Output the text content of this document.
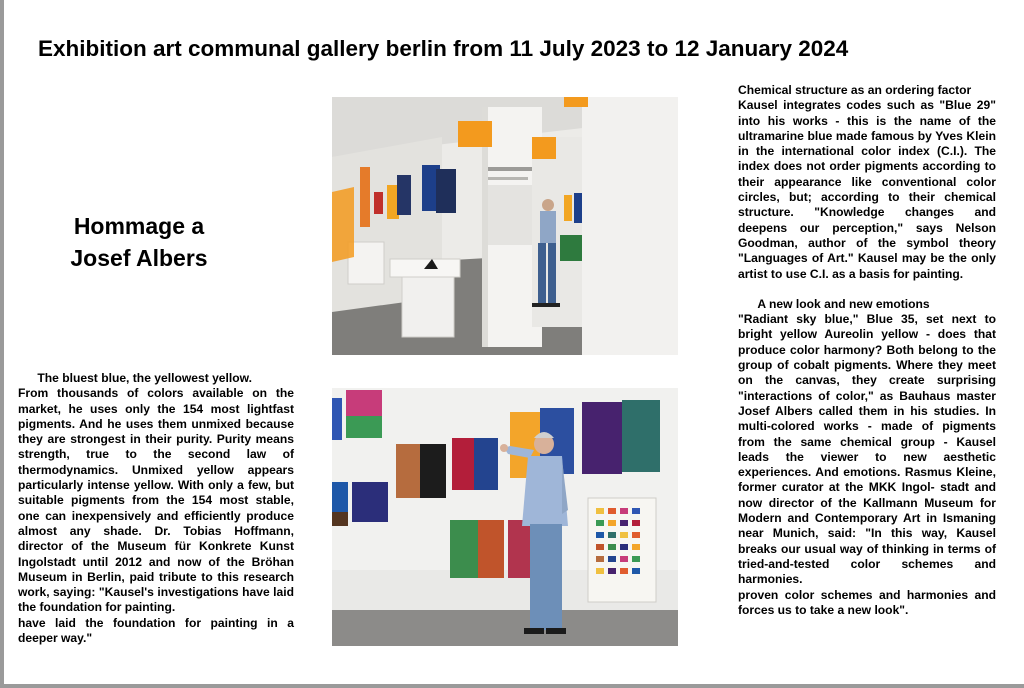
Exhibition art communal gallery berlin from 11 July 2023 to 12 January 2024
Hommage a
Josef Albers

The bluest blue, the yellowest yellow.

From thousands of colors available on the market, he uses only the 154 most lightfast pigments. And he uses them unmixed because they are strongest in their purity. Purity means strength, true to the second law of thermodynamics. Unmixed yellow appears particularly intense yellow. With only a few, but suitable pigments from the 154 most stable, one can inexpensively and efficiently produce almost any shade. Dr. Tobias Hoffmann, director of the Museum für Konkrete Kunst Ingolstadt until 2012 and now of the Bröhan Museum in Berlin, paid tribute to this research work, saying: "Kausel's investigations have laid the foundation for painting.

have laid the foundation for painting in a deeper way."

Chemical structure as an ordering factor

Kausel integrates codes such as "Blue 29" into his works - this is the name of the ultramarine blue made famous by Yves Klein in the international color index (C.I.). The index does not order pigments according to their appearance like conventional color circles, but; according to their chemical structure. "Knowledge changes and deepens our perception," says Nelson Goodman, author of the symbol theory "Languages of Art." Kausel may be the only artist to use C.I. as a basis for painting.

A new look and new emotions

"Radiant sky blue," Blue 35, set next to bright yellow Aureolin yellow - does that produce color harmony? Both belong to the group of cobalt pigments. Where they meet on the canvas, they create surprising "interactions of color," as Bauhaus master Josef Albers called them in his studies. In multi-colored works - made of pigments from the same chemical group - Kausel leads the viewer to new aesthetic experiences. And emotions. Rasmus Kleine, former curator at the MKK Ingol- stadt and now director of the Kallmann Museum for Modern and Contemporary Art in Ismaning near Munich, said: "In this way, Kausel breaks our usual way of thinking in terms of tried-and-tested color schemes and harmonies.

proven color schemes and harmonies and forces us to take a new look".
